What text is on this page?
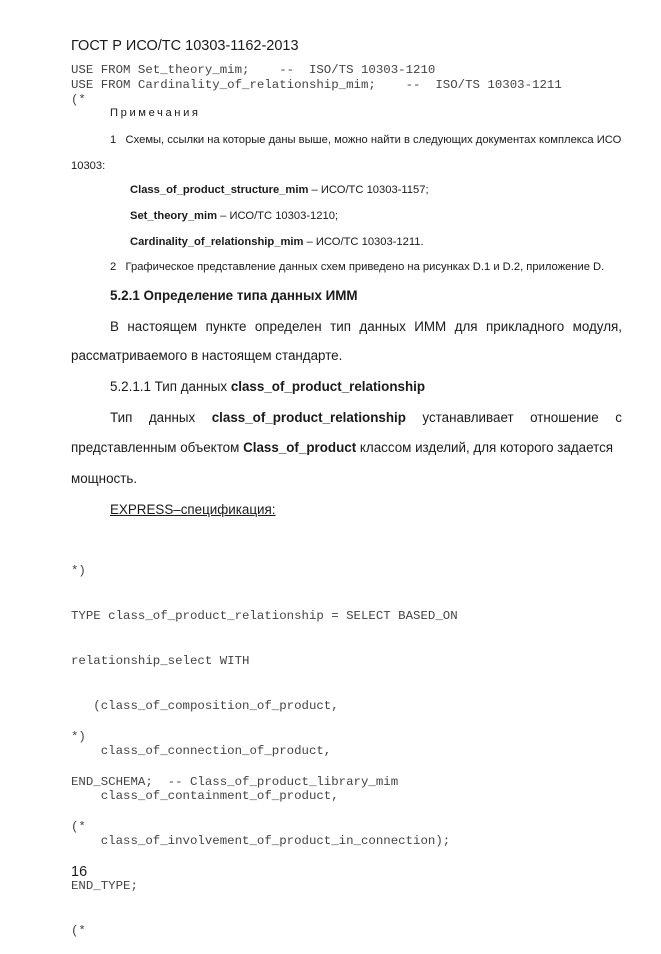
ГОСТ Р ИСО/ТС 10303-1162-2013
USE FROM Set_theory_mim;    --  ISO/TS 10303-1210
USE FROM Cardinality_of_relationship_mim;    --  ISO/TS 10303-1211
(*
Примечания
1   Схемы, ссылки на которые даны выше, можно найти в следующих документах комплекса ИСО
10303:
Class_of_product_structure_mim – ИСО/ТС 10303-1157;
Set_theory_mim – ИСО/ТС 10303-1210;
Cardinality_of_relationship_mim – ИСО/ТС 10303-1211.
2   Графическое представление данных схем приведено на рисунках D.1 и D.2, приложение D.
5.2.1 Определение типа данных ИММ
В настоящем пункте определен тип данных ИММ для прикладного модуля,
рассматриваемого в настоящем стандарте.
5.2.1.1 Тип данных class_of_product_relationship
Тип данных class_of_product_relationship устанавливает отношение с
представленным объектом Class_of_product классом изделий, для которого задается
мощность.
EXPRESS–спецификация:

*)

TYPE class_of_product_relationship = SELECT BASED_ON

relationship_select WITH

(class_of_composition_of_product,

class_of_connection_of_product,

class_of_containment_of_product,

class_of_involvement_of_product_in_connection);

END_TYPE;

(*

*)

END_SCHEMA;  -- Class_of_product_library_mim

(*

16
